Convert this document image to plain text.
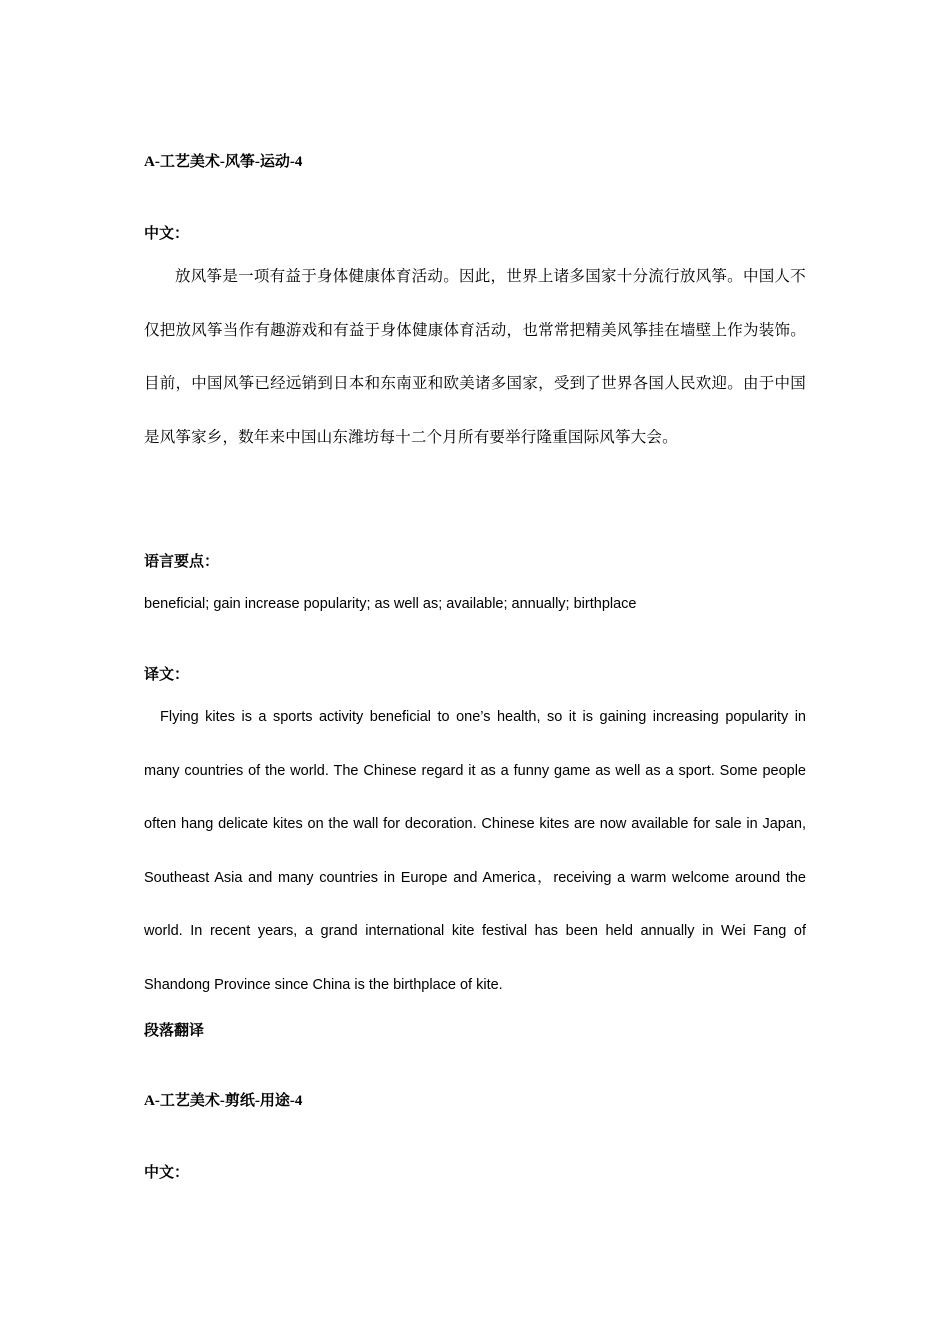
A-工艺美术-风筝-运动-4
中文：
放风筝是一项有益于身体健康体育活动。因此，世界上诸多国家十分流行放风筝。中国人不仅把放风筝当作有趣游戏和有益于身体健康体育活动，也常常把精美风筝挂在墙壁上作为装饰。目前，中国风筝已经远销到日本和东南亚和欧美诸多国家，受到了世界各国人民欢迎。由于中国是风筝家乡，数年来中国山东潍坊每十二个月所有要举行隆重国际风筝大会。
语言要点：
beneficial; gain increase popularity; as well as; available; annually; birthplace
译文：
Flying kites is a sports activity beneficial to one’s health, so it is gaining increasing popularity in many countries of the world. The Chinese regard it as a funny game as well as a sport. Some people often hang delicate kites on the wall for decoration. Chinese kites are now available for sale in Japan, Southeast Asia and many countries in Europe and America，receiving a warm welcome around the world. In recent years, a grand international kite festival has been held annually in Wei Fang of Shandong Province since China is the birthplace of kite.
段落翻译
A-工艺美术-剪纸-用途-4
中文：
